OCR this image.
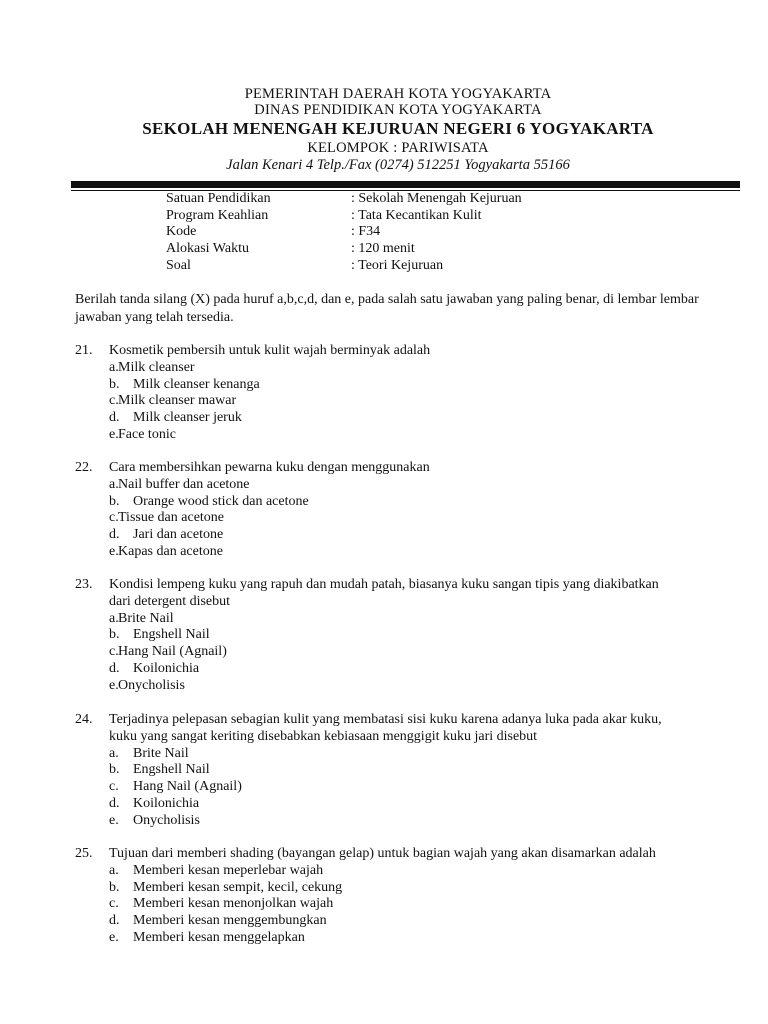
PEMERINTAH DAERAH KOTA YOGYAKARTA
DINAS PENDIDIKAN KOTA YOGYAKARTA
SEKOLAH MENENGAH KEJURUAN NEGERI 6 YOGYAKARTA
KELOMPOK : PARIWISATA
Jalan Kenari 4 Telp./Fax (0274) 512251 Yogyakarta 55166
Satuan Pendidikan	: Sekolah Menengah Kejuruan
Program Keahlian	: Tata Kecantikan Kulit
Kode	: F34
Alokasi Waktu	: 120 menit
Soal	: Teori Kejuruan
Berilah tanda silang (X) pada huruf a,b,c,d, dan e, pada salah satu jawaban yang paling benar, di lembar lembar jawaban yang telah tersedia.
21. Kosmetik pembersih untuk kulit wajah berminyak adalah
a. Milk cleanser
b. Milk cleanser kenanga
c. Milk cleanser mawar
d. Milk cleanser jeruk
e. Face tonic
22. Cara membersihkan pewarna kuku dengan menggunakan
a. Nail buffer dan acetone
b. Orange wood stick dan acetone
c. Tissue dan acetone
d. Jari dan acetone
e. Kapas dan acetone
23. Kondisi lempeng kuku yang rapuh dan mudah patah, biasanya kuku sangan tipis yang diakibatkan
dari detergent disebut
a. Brite Nail
b. Engshell Nail
c. Hang Nail (Agnail)
d. Koilonichia
e. Onycholisis
24. Terjadinya pelepasan sebagian kulit yang membatasi sisi kuku karena adanya luka pada akar kuku,
kuku yang sangat keriting disebabkan kebiasaan menggigit kuku jari disebut
a.	Brite Nail
b. Engshell Nail
c.	Hang Nail (Agnail)
d. Koilonichia
e.	Onycholisis
25. Tujuan dari memberi shading (bayangan gelap) untuk bagian wajah yang akan disamarkan adalah
a.	Memberi kesan meperlebar wajah
b. Memberi kesan sempit, kecil, cekung
c.	Memberi kesan menonjolkan wajah
d. Memberi kesan menggembungkan
e.	Memberi kesan menggelapkan
